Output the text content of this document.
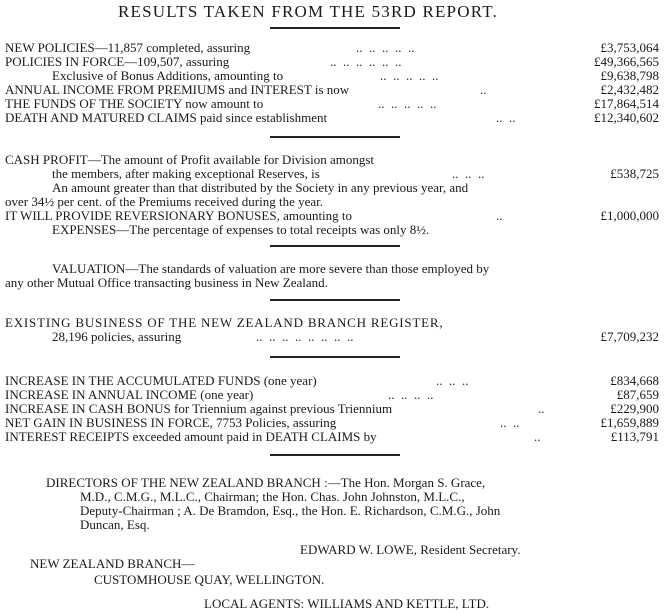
RESULTS TAKEN FROM THE 53RD REPORT.
NEW POLICIES—11,857 completed, assuring	..  ..  ..  ..  ..	£3,753,064
POLICIES IN FORCE—109,507, assuring	..  ..  ..  ..  ..  ..	£49,366,565
Exclusive of Bonus Additions, amounting to	..  ..  ..  ..  ..	£9,638,798
ANNUAL INCOME FROM PREMIUMS and INTEREST is now	..	£2,432,482
THE FUNDS OF THE SOCIETY now amount to	..  ..  ..  ..  ..	£17,864,514
DEATH AND MATURED CLAIMS paid since establishment	..  ..	£12,340,602
CASH PROFIT—The amount of Profit available for Division amongst
the members, after making exceptional Reserves, is	..  ..  ..	£538,725
An amount greater than that distributed by the Society in any previous year, and
over 34½ per cent. of the Premiums received during the year.
IT WILL PROVIDE REVERSIONARY BONUSES, amounting to	..	£1,000,000
EXPENSES—The percentage of expenses to total receipts was only 8½.
VALUATION—The standards of valuation are more severe than those employed by
any other Mutual Office transacting business in New Zealand.
EXISTING BUSINESS OF THE NEW ZEALAND BRANCH REGISTER,
28,196 policies, assuring	..  ..  ..  ..  ..  ..  ..  ..	£7,709,232
INCREASE IN THE ACCUMULATED FUNDS (one year)	..  ..  ..	£834,668
INCREASE IN ANNUAL INCOME (one year)	..  ..  ..  ..	£87,659
INCREASE IN CASH BONUS for Triennium against previous Triennium	..	£229,900
NET GAIN IN BUSINESS IN FORCE, 7753 Policies, assuring	..  ..	£1,659,889
INTEREST RECEIPTS exceeded amount paid in DEATH CLAIMS by	..	£113,791
DIRECTORS OF THE NEW ZEALAND BRANCH :—The Hon. Morgan S. Grace,
M.D., C.M.G., M.L.C., Chairman; the Hon. Chas. John Johnston, M.L.C.,
Deputy-Chairman ; A. De Bramdon, Esq., the Hon. E. Richardson, C.M.G., John
Duncan, Esq.
EDWARD W. LOWE, Resident Secretary.
NEW ZEALAND BRANCH—
CUSTOMHOUSE QUAY, WELLINGTON.
LOCAL AGENTS: WILLIAMS AND KETTLE, LTD.
